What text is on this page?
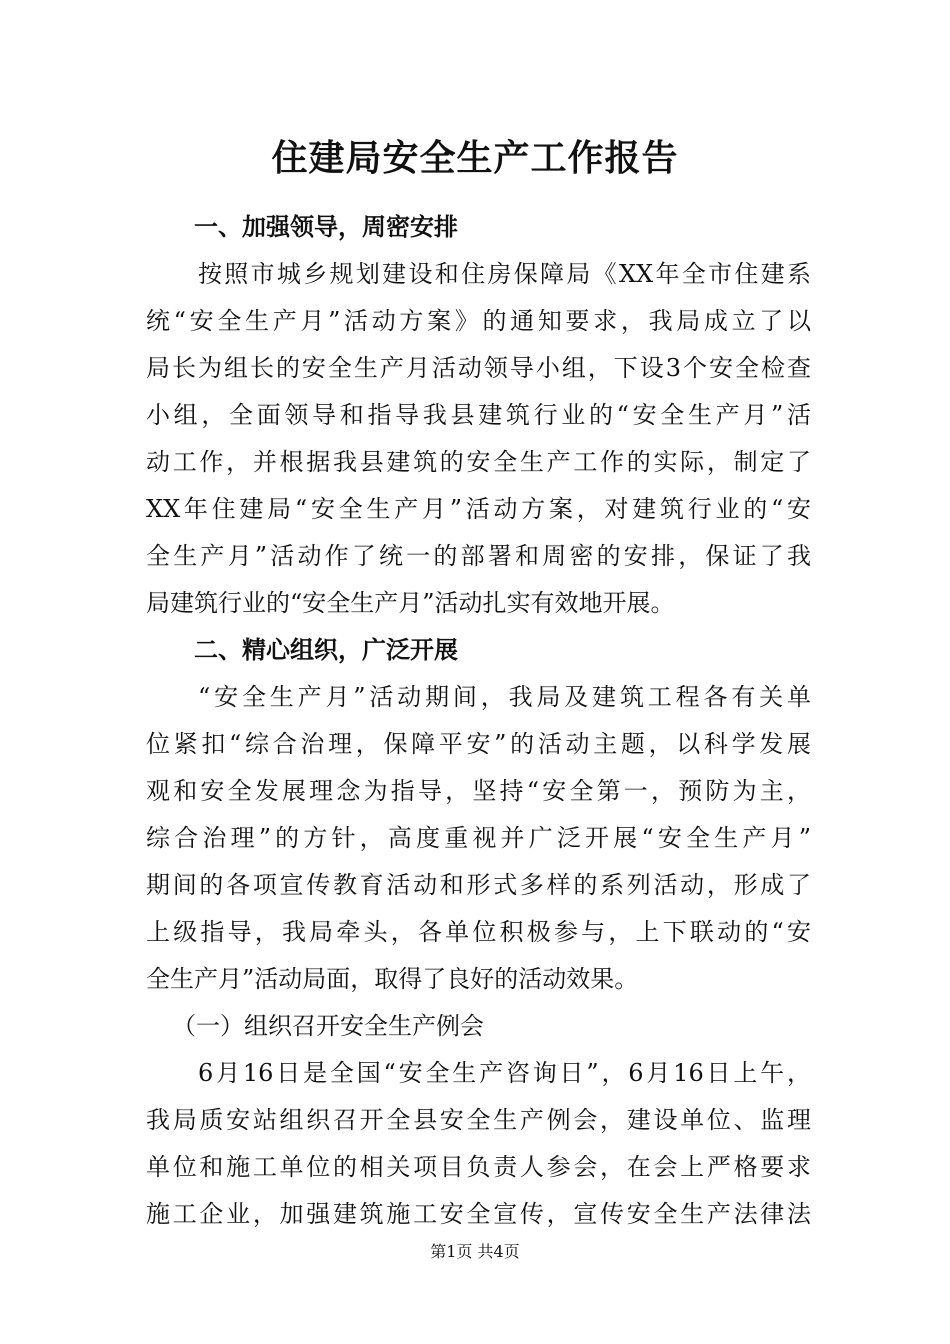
住建局安全生产工作报告
一、加强领导，周密安排
按照市城乡规划建设和住房保障局《XX年全市住建系
统“安全生产月”活动方案》的通知要求，我局成立了以
局长为组长的安全生产月活动领导小组，下设3个安全检查
小组，全面领导和指导我县建筑行业的“安全生产月”活
动工作，并根据我县建筑的安全生产工作的实际，制定了
XX年住建局“安全生产月”活动方案，对建筑行业的“安
全生产月”活动作了统一的部署和周密的安排，保证了我
局建筑行业的“安全生产月”活动扎实有效地开展。
二、精心组织，广泛开展
“安全生产月”活动期间，我局及建筑工程各有关单
位紧扣“综合治理，保障平安”的活动主题，以科学发展
观和安全发展理念为指导，坚持“安全第一，预防为主，
综合治理”的方针，高度重视并广泛开展“安全生产月”
期间的各项宣传教育活动和形式多样的系列活动，形成了
上级指导，我局牵头，各单位积极参与，上下联动的“安
全生产月”活动局面，取得了良好的活动效果。
（一）组织召开安全生产例会
6月16日是全国“安全生产咨询日”，6月16日上午，
我局质安站组织召开全县安全生产例会，建设单位、监理
单位和施工单位的相关项目负责人参会，在会上严格要求
施工企业，加强建筑施工安全宣传，宣传安全生产法律法
第1页 共4页
